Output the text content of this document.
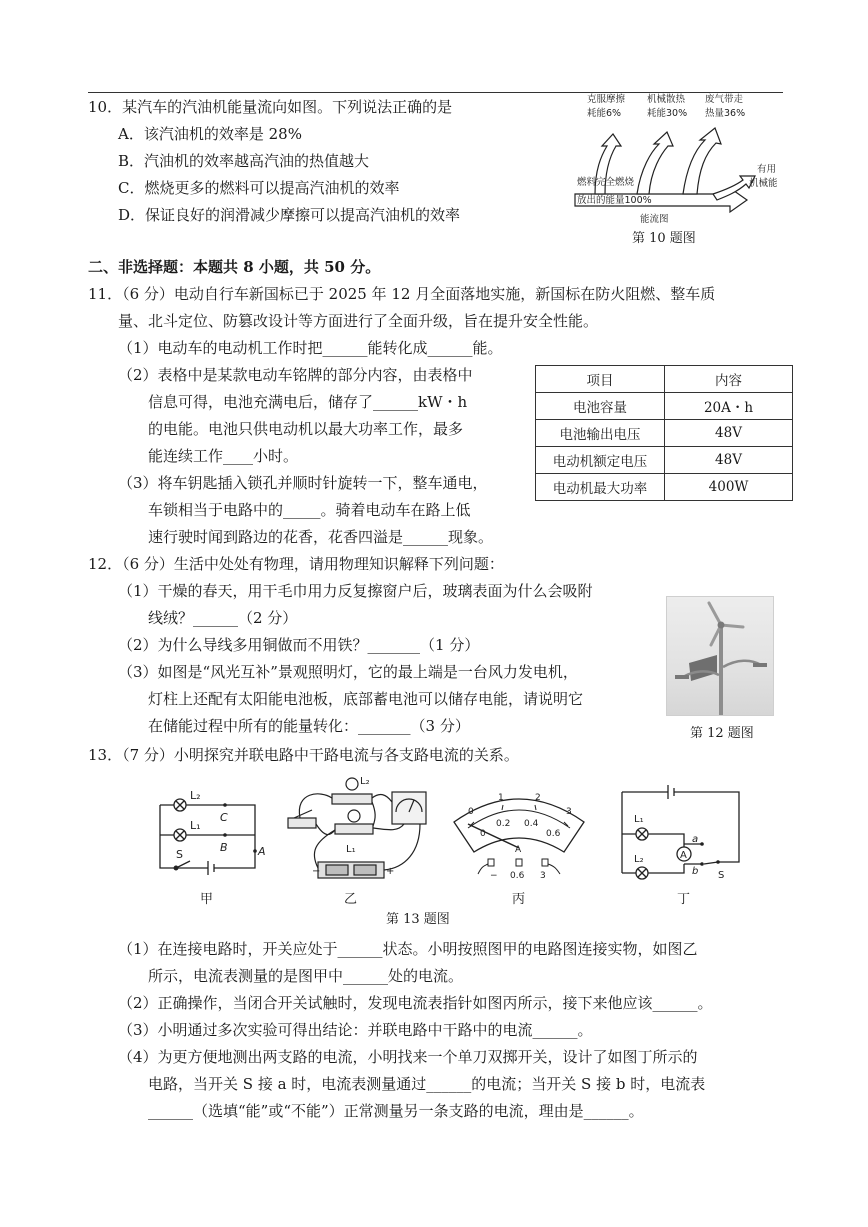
10．某汽车的汽油机能量流向如图。下列说法正确的是
A．该汽油机的效率是 28%
B．汽油机的效率越高汽油的热值越大
C．燃烧更多的燃料可以提高汽油机的效率
D．保证良好的润滑减少摩擦可以提高汽油机的效率
克服摩擦
耗能6%
机械散热
耗能30%
废气带走
热量36%
燃料完全燃烧
放出的能量100%
有用
机械能
能流图
第 10 题图
二、非选择题：本题共 8 小题，共 50 分。
11．（6 分）电动自行车新国标已于 2025 年 12 月全面落地实施，新国标在防火阻燃、整车质
量、北斗定位、防篡改设计等方面进行了全面升级，旨在提升安全性能。
（1）电动车的电动机工作时把______能转化成______能。
（2）表格中是某款电动车铭牌的部分内容，由表格中
信息可得，电池充满电后，储存了______kW・h
的电能。电池只供电动机以最大功率工作，最多
能连续工作____小时。
（3）将车钥匙插入锁孔并顺时针旋转一下，整车通电，
车锁相当于电路中的_____。骑着电动车在路上低
速行驶时闻到路边的花香，花香四溢是______现象。
项目	内容
电池容量	20A・h
电池输出电压	48V
电动机额定电压	48V
电动机最大功率	400W
12．（6 分）生活中处处有物理，请用物理知识解释下列问题：
（1）干燥的春天，用干毛巾用力反复擦窗户后，玻璃表面为什么会吸附
线绒？______（2 分）
（2）为什么导线多用铜做而不用铁？_______（1 分）
（3）如图是“风光互补”景观照明灯，它的最上端是一台风力发电机，
灯柱上还配有太阳能电池板，底部蓄电池可以储存电能，请说明它
在储能过程中所有的能量转化：_______（3 分）	第 12 题图
13．（7 分）小明探究并联电路中干路电流与各支路电流的关系。
L₂
L₁
C
B	A
S
甲
L₂
L₁
−	+
乙
0
1	2
3
0
0.2 0.4
0.6
A
− 0.6 3
丙
L₁
L₂	A
a
b S
丁
第 13 题图
（1）在连接电路时，开关应处于______状态。小明按照图甲的电路图连接实物，如图乙
所示，电流表测量的是图甲中______处的电流。
（2）正确操作，当闭合开关试触时，发现电流表指针如图丙所示，接下来他应该______。
（3）小明通过多次实验可得出结论：并联电路中干路中的电流______。
（4）为更方便地测出两支路的电流，小明找来一个单刀双掷开关，设计了如图丁所示的
电路，当开关 S 接 a 时，电流表测量通过______的电流；当开关 S 接 b 时，电流表
______（选填“能”或“不能”）正常测量另一条支路的电流，理由是______。
